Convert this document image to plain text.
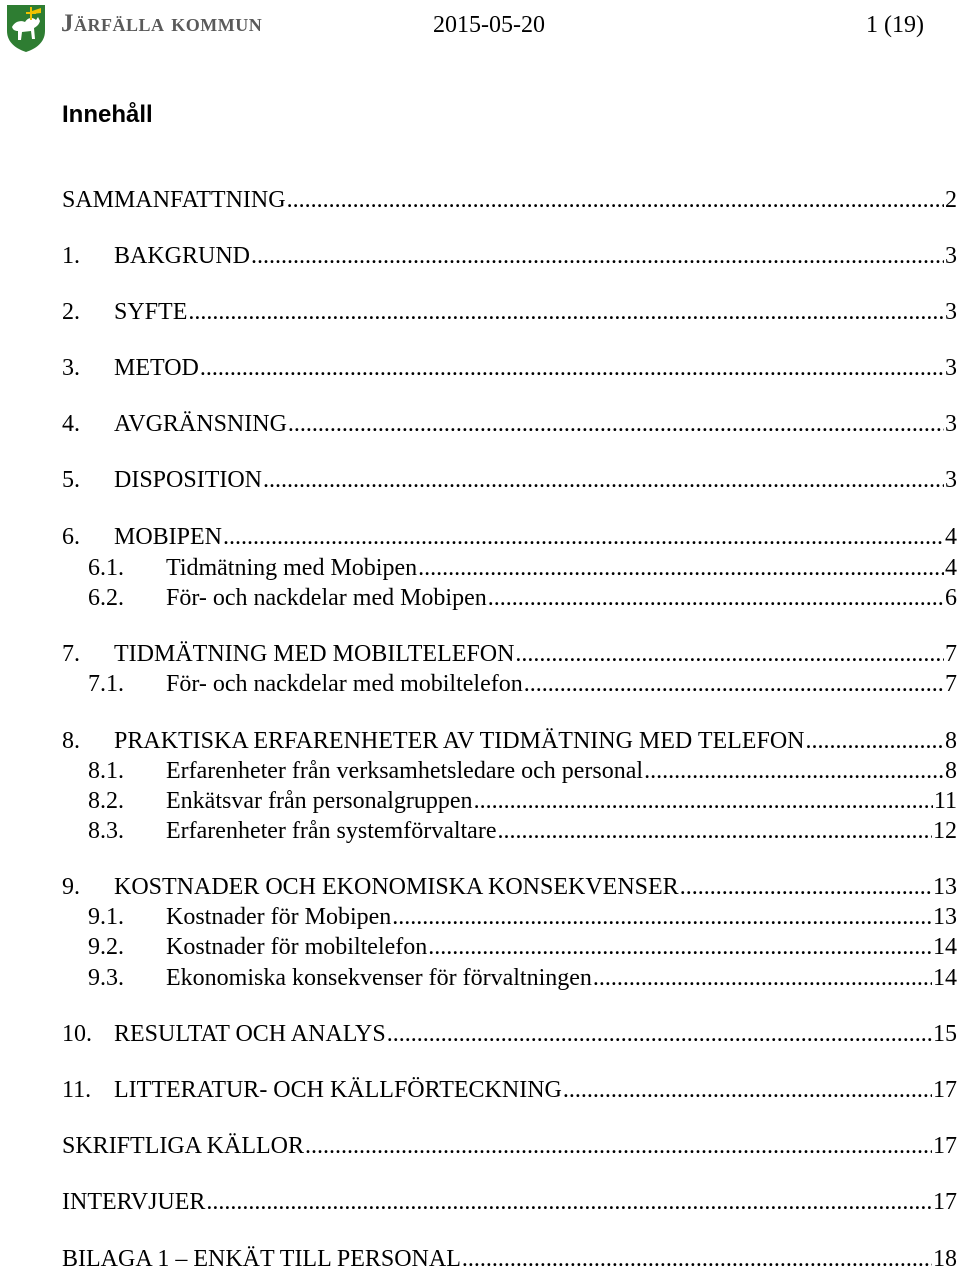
Järfälla kommun	2015-05-20	1 (19)
Innehåll
SAMMANFATTNING .....	2
1. BAKGRUND .....	3
2. SYFTE .....	3
3. METOD .....	3
4. AVGRÄNSNING .....	3
5. DISPOSITION .....	3
6. MOBIPEN .....	4
6.1. Tidmätning med Mobipen .....	4
6.2. För- och nackdelar med Mobipen .....	6
7. TIDMÄTNING MED MOBILTELEFON .....	7
7.1. För- och nackdelar med mobiltelefon .....	7
8. PRAKTISKA ERFARENHETER AV TIDMÄTNING MED TELEFON .....	8
8.1. Erfarenheter från verksamhetsledare och personal .....	8
8.2. Enkätsvar från personalgruppen .....	11
8.3. Erfarenheter från systemförvaltare .....	12
9. KOSTNADER OCH EKONOMISKA KONSEKVENSER .....	13
9.1. Kostnader för Mobipen .....	13
9.2. Kostnader för mobiltelefon .....	14
9.3. Ekonomiska konsekvenser för förvaltningen .....	14
10. RESULTAT OCH ANALYS .....	15
11. LITTERATUR- OCH KÄLLFÖRTECKNING .....	17
SKRIFTLIGA KÄLLOR .....	17
INTERVJUER .....	17
BILAGA 1 – ENKÄT TILL PERSONAL .....	18
